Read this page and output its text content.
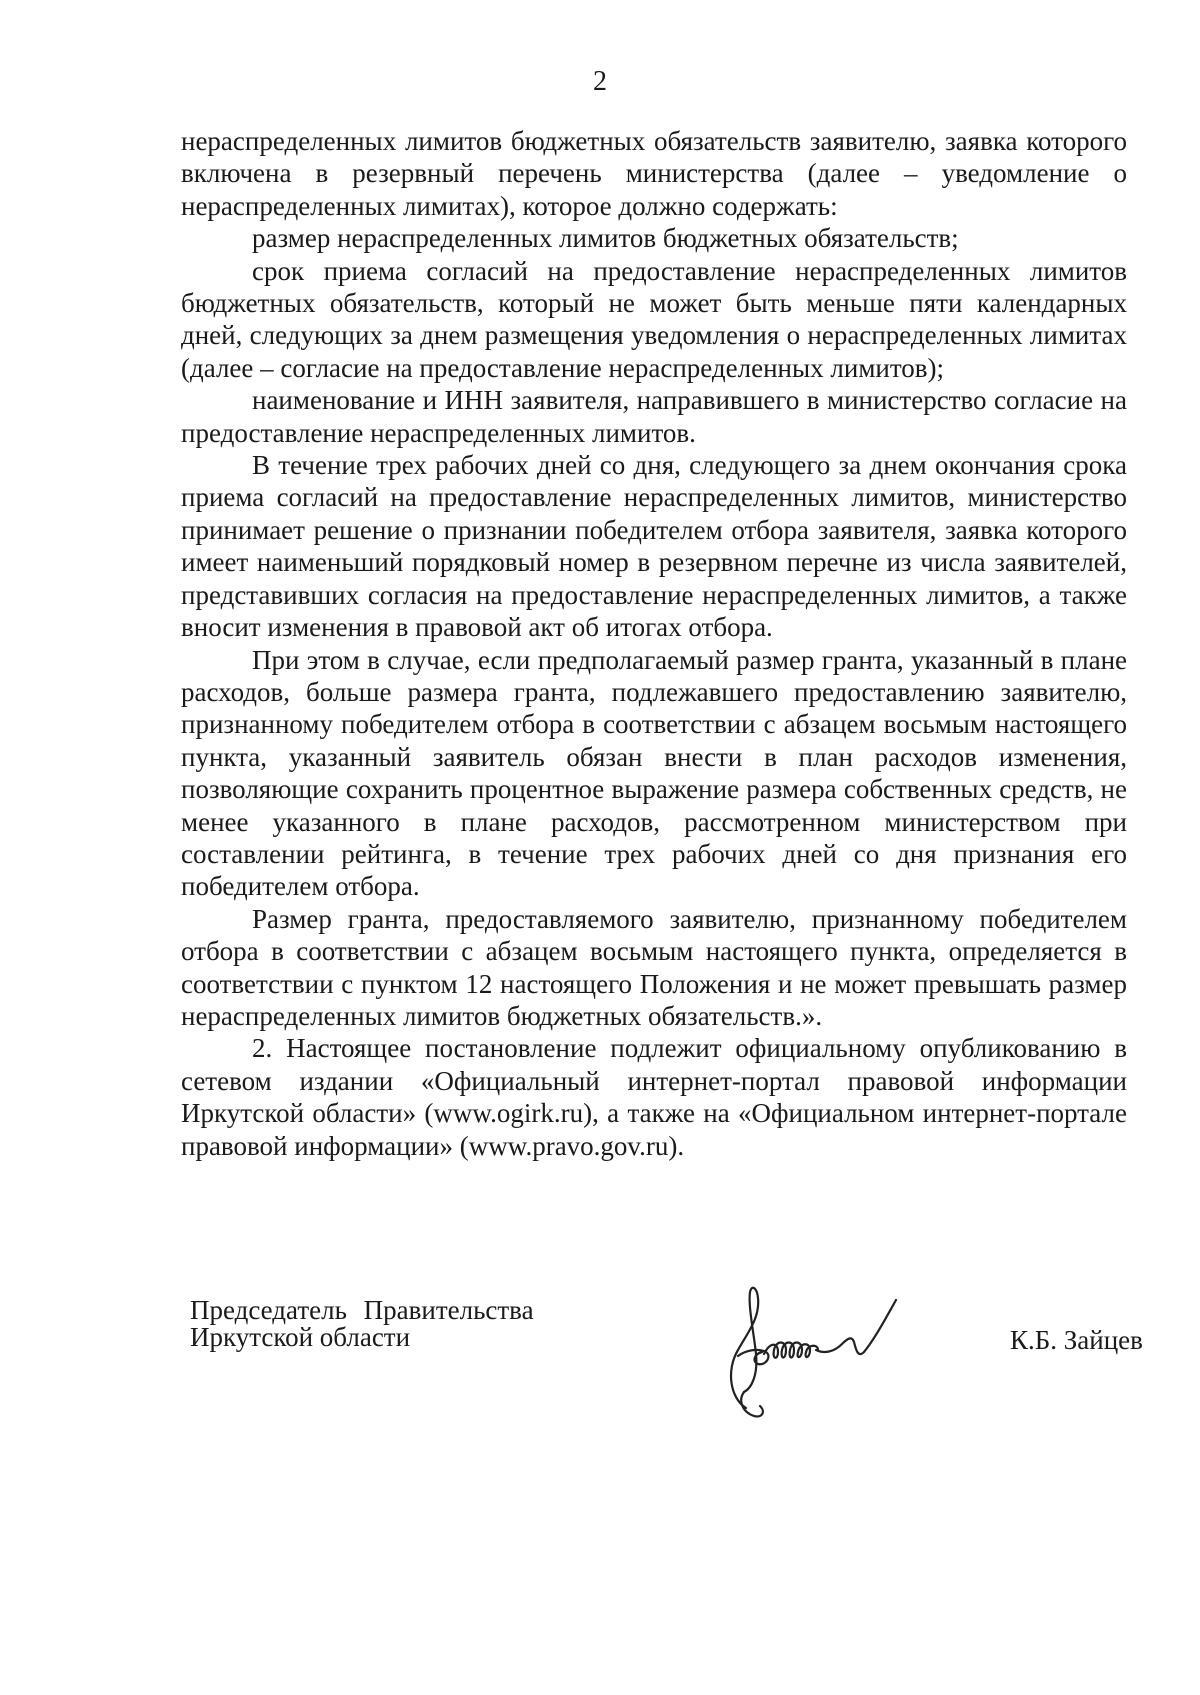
2

нераспределенных лимитов бюджетных обязательств заявителю, заявка которого включена в резервный перечень министерства (далее – уведомление о нераспределенных лимитах), которое должно содержать:

размер нераспределенных лимитов бюджетных обязательств;

срок приема согласий на предоставление нераспределенных лимитов бюджетных обязательств, который не может быть меньше пяти календарных дней, следующих за днем размещения уведомления о нераспределенных лимитах (далее – согласие на предоставление нераспределенных лимитов);

наименование и ИНН заявителя, направившего в министерство согласие на предоставление нераспределенных лимитов.

В течение трех рабочих дней со дня, следующего за днем окончания срока приема согласий на предоставление нераспределенных лимитов, министерство принимает решение о признании победителем отбора заявителя, заявка которого имеет наименьший порядковый номер в резервном перечне из числа заявителей, представивших согласия на предоставление нераспределенных лимитов, а также вносит изменения в правовой акт об итогах отбора.

При этом в случае, если предполагаемый размер гранта, указанный в плане расходов, больше размера гранта, подлежавшего предоставлению заявителю, признанному победителем отбора в соответствии с абзацем восьмым настоящего пункта, указанный заявитель обязан внести в план расходов изменения, позволяющие сохранить процентное выражение размера собственных средств, не менее указанного в плане расходов, рассмотренном министерством при составлении рейтинга, в течение трех рабочих дней со дня признания его победителем отбора.

Размер гранта, предоставляемого заявителю, признанному победителем отбора в соответствии с абзацем восьмым настоящего пункта, определяется в соответствии с пунктом 12 настоящего Положения и не может превышать размер нераспределенных лимитов бюджетных обязательств.».

2. Настоящее постановление подлежит официальному опубликованию в сетевом издании «Официальный интернет-портал правовой информации Иркутской области» (www.ogirk.ru), а также на «Официальном интернет-портале правовой информации» (www.pravo.gov.ru).

Председатель Правительства
Иркутской области	К.Б. Зайцев
